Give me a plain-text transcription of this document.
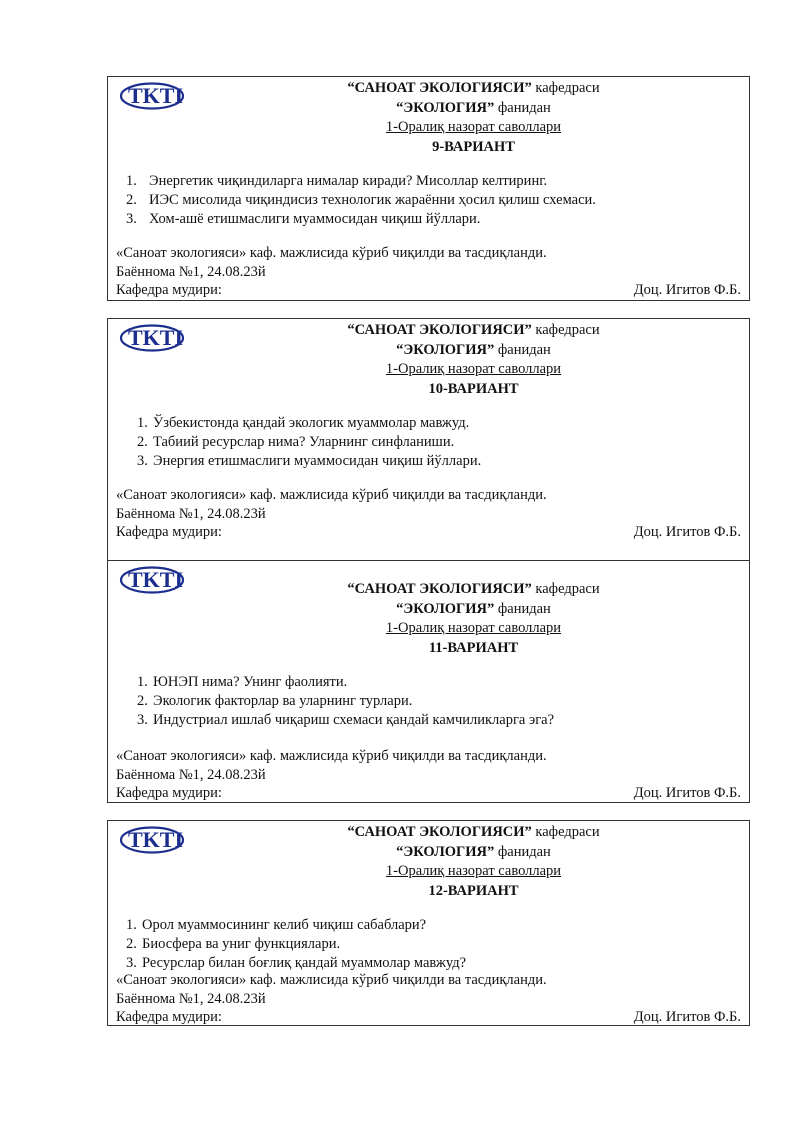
TKTI	“САНОАТ ЭКОЛОГИЯСИ” кафедраси
“ЭКОЛОГИЯ” фанидан
1-Оралиқ назорат саволлари
9-ВАРИАНТ
1. Энергетик чиқиндиларга нималар киради? Мисоллар келтиринг.
2. ИЭС мисолида чиқиндисиз технологик жараённи ҳосил қилиш схемаси.
3. Хом-ашё етишмаслиги муаммосидан чиқиш йўллари.
«Саноат экологияси» каф. мажлисида кўриб чиқилди ва тасдиқланди.
Баённома №1, 24.08.23й
Кафедра мудири:	Доц. Игитов Ф.Б.
TKTI	“САНОАТ ЭКОЛОГИЯСИ” кафедраси
“ЭКОЛОГИЯ” фанидан
1-Оралиқ назорат саволлари
10-ВАРИАНТ
1. Ўзбекистонда қандай экологик муаммолар мавжуд.
2. Табиий ресурслар нима? Уларнинг синфланиши.
3. Энергия етишмаслиги муаммосидан чиқиш йўллари.
«Саноат экологияси» каф. мажлисида кўриб чиқилди ва тасдиқланди.
Баённома №1, 24.08.23й
Кафедра мудири:	Доц. Игитов Ф.Б.
TKTI	“САНОАТ ЭКОЛОГИЯСИ” кафедраси
“ЭКОЛОГИЯ” фанидан
1-Оралиқ назорат саволлари
11-ВАРИАНТ
1. ЮНЭП нима? Унинг фаолияти.
2. Экологик факторлар ва уларнинг турлари.
3. Индустриал ишлаб чиқариш схемаси қандай камчиликларга эга?
«Саноат экологияси» каф. мажлисида кўриб чиқилди ва тасдиқланди.
Баённома №1, 24.08.23й
Кафедра мудири:	Доц. Игитов Ф.Б.
TKTI	“САНОАТ ЭКОЛОГИЯСИ” кафедраси
“ЭКОЛОГИЯ” фанидан
1-Оралиқ назорат саволлари
12-ВАРИАНТ
1. Орол муаммосининг келиб чиқиш сабаблари?
2. Биосфера ва униг функциялари.
3. Ресурслар билан боғлиқ қандай муаммолар мавжуд?
«Саноат экологияси» каф. мажлисида кўриб чиқилди ва тасдиқланди.
Баённома №1, 24.08.23й
Кафедра мудири:	Доц. Игитов Ф.Б.
